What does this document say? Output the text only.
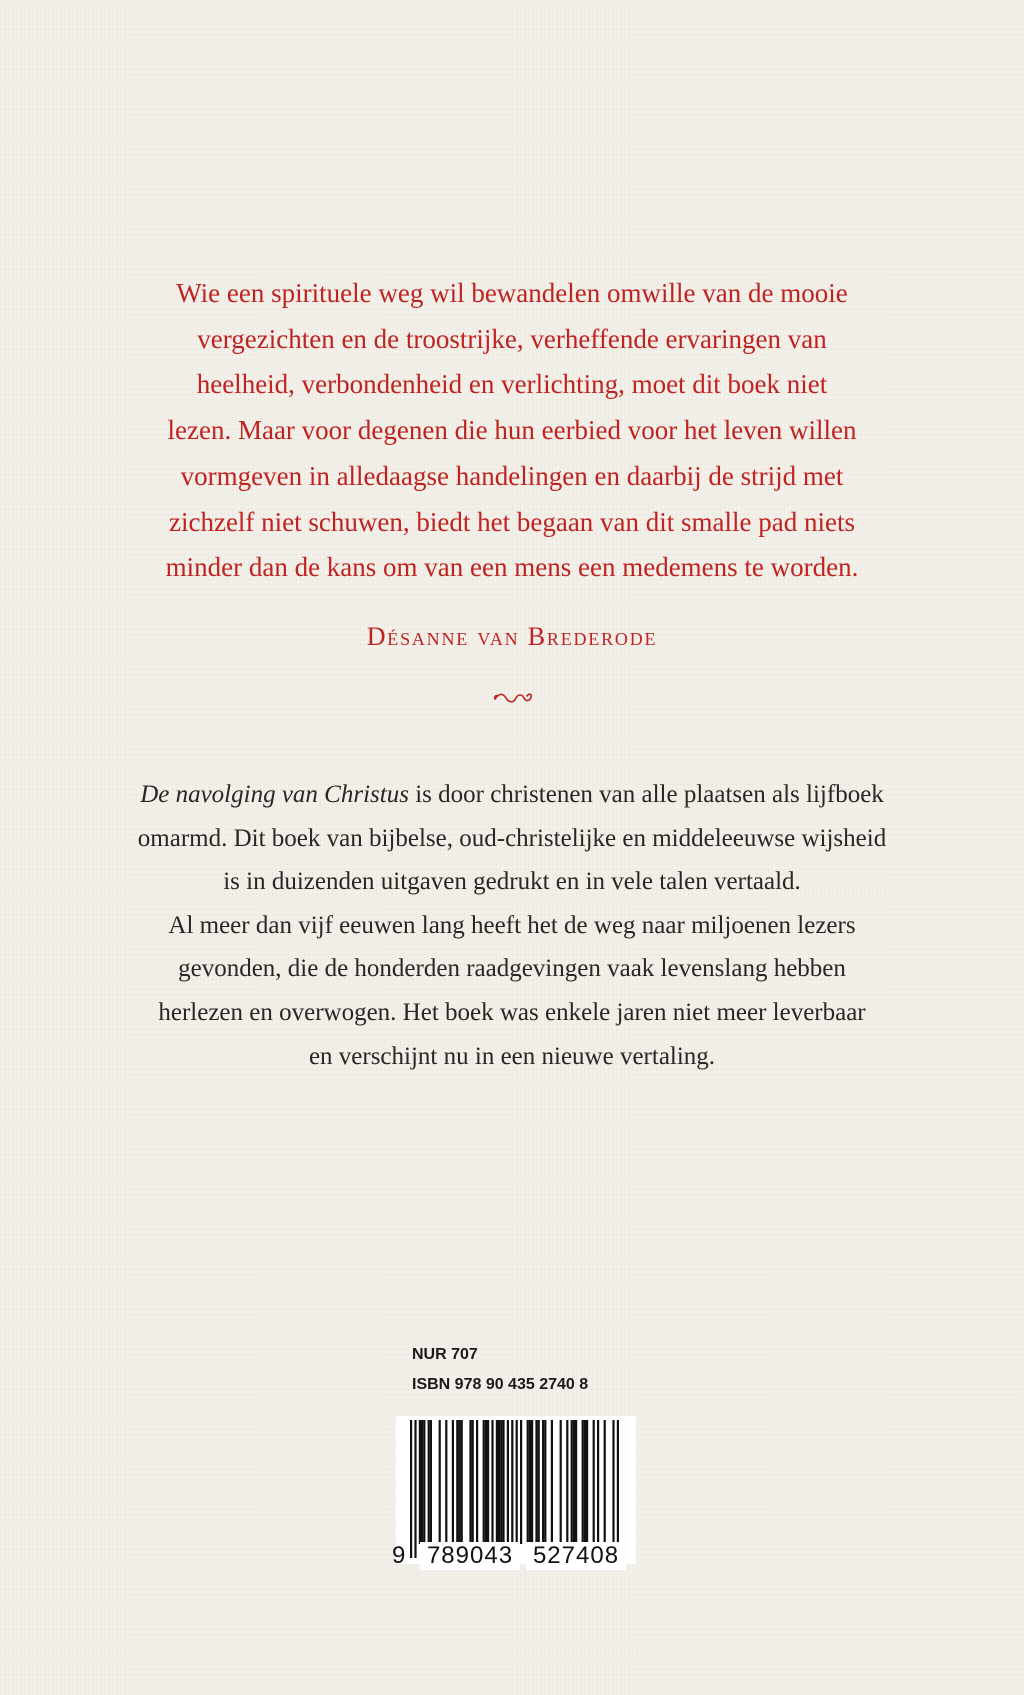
Wie een spirituele weg wil bewandelen omwille van de mooie
vergezichten en de troostrijke, verheffende ervaringen van
heelheid, verbondenheid en verlichting, moet dit boek niet
lezen. Maar voor degenen die hun eerbied voor het leven willen
vormgeven in alledaagse handelingen en daarbij de strijd met
zichzelf niet schuwen, biedt het begaan van dit smalle pad niets
minder dan de kans om van een mens een medemens te worden.
Désanne van Brederode
De navolging van Christus is door christenen van alle plaatsen als lijfboek
omarmd. Dit boek van bijbelse, oud-christelijke en middeleeuwse wijsheid
is in duizenden uitgaven gedrukt en in vele talen vertaald.
Al meer dan vijf eeuwen lang heeft het de weg naar miljoenen lezers
gevonden, die de honderden raadgevingen vaak levenslang hebben
herlezen en overwogen. Het boek was enkele jaren niet meer leverbaar
en verschijnt nu in een nieuwe vertaling.
NUR 707
ISBN 978 90 435 2740 8
9 789043 527408
